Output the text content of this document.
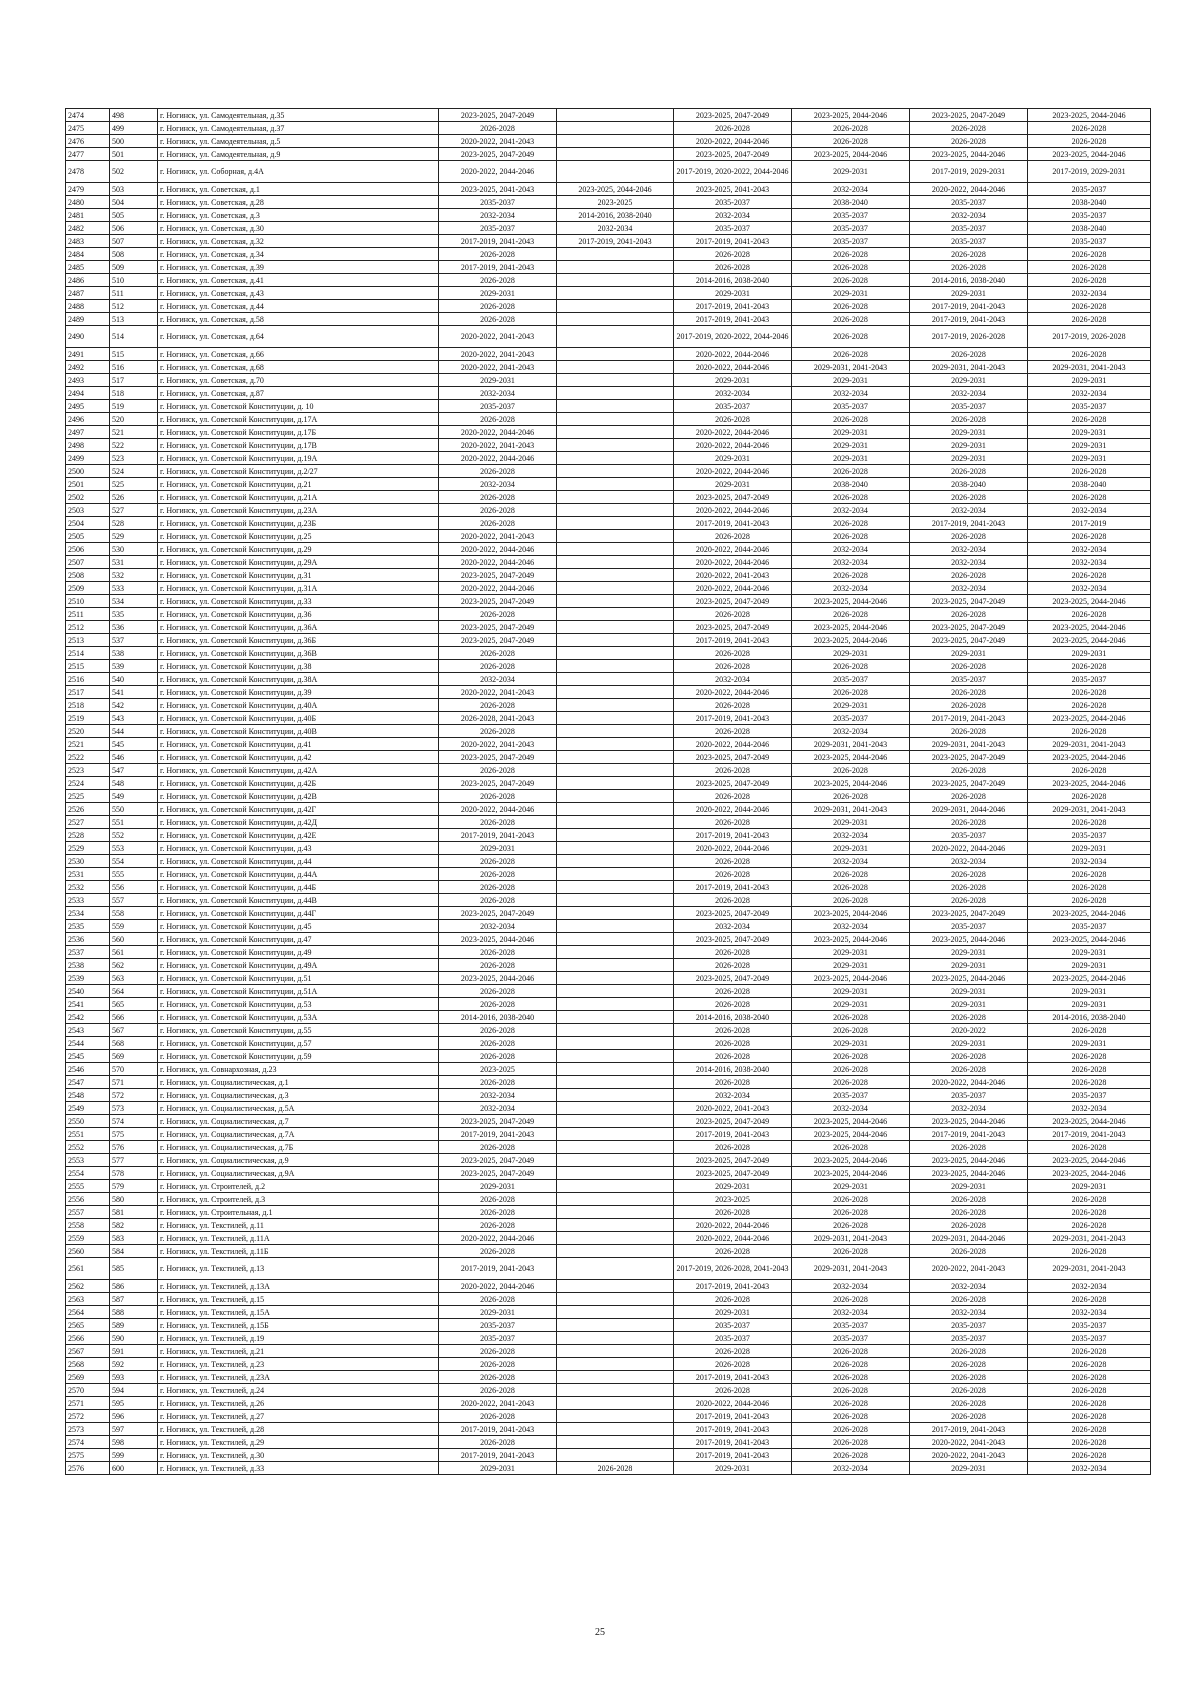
2474	498	г. Ногинск, ул. Самодеятельная, д.35	2023-2025, 2047-2049		2023-2025, 2047-2049	2023-2025, 2044-2046	2023-2025, 2047-2049	2023-2025, 2044-2046
2475	499	г. Ногинск, ул. Самодеятельная, д.37	2026-2028		2026-2028	2026-2028	2026-2028	2026-2028
2476	500	г. Ногинск, ул. Самодеятельная, д.5	2020-2022, 2041-2043		2020-2022, 2044-2046	2026-2028	2026-2028	2026-2028
2477	501	г. Ногинск, ул. Самодеятельная, д.9	2023-2025, 2047-2049		2023-2025, 2047-2049	2023-2025, 2044-2046	2023-2025, 2044-2046	2023-2025, 2044-2046
2478	502	г. Ногинск, ул. Соборная, д.4А	2020-2022, 2044-2046		2017-2019, 2020-2022, 2044-2046	2029-2031	2017-2019, 2029-2031	2017-2019, 2029-2031
2479	503	г. Ногинск, ул. Советская, д.1	2023-2025, 2041-2043	2023-2025, 2044-2046	2023-2025, 2041-2043	2032-2034	2020-2022, 2044-2046	2035-2037
2480	504	г. Ногинск, ул. Советская, д.28	2035-2037	2023-2025	2035-2037	2038-2040	2035-2037	2038-2040
2481	505	г. Ногинск, ул. Советская, д.3	2032-2034	2014-2016, 2038-2040	2032-2034	2035-2037	2032-2034	2035-2037
2482	506	г. Ногинск, ул. Советская, д.30	2035-2037	2032-2034	2035-2037	2035-2037	2035-2037	2038-2040
2483	507	г. Ногинск, ул. Советская, д.32	2017-2019, 2041-2043	2017-2019, 2041-2043	2017-2019, 2041-2043	2035-2037	2035-2037	2035-2037
2484	508	г. Ногинск, ул. Советская, д.34	2026-2028		2026-2028	2026-2028	2026-2028	2026-2028
2485	509	г. Ногинск, ул. Советская, д.39	2017-2019, 2041-2043		2026-2028	2026-2028	2026-2028	2026-2028
2486	510	г. Ногинск, ул. Советская, д.41	2026-2028		2014-2016, 2038-2040	2026-2028	2014-2016, 2038-2040	2026-2028
2487	511	г. Ногинск, ул. Советская, д.43	2029-2031		2029-2031	2029-2031	2029-2031	2032-2034
2488	512	г. Ногинск, ул. Советская, д.44	2026-2028		2017-2019, 2041-2043	2026-2028	2017-2019, 2041-2043	2026-2028
2489	513	г. Ногинск, ул. Советская, д.58	2026-2028		2017-2019, 2041-2043	2026-2028	2017-2019, 2041-2043	2026-2028
2490	514	г. Ногинск, ул. Советская, д.64	2020-2022, 2041-2043		2017-2019, 2020-2022, 2044-2046	2026-2028	2017-2019, 2026-2028	2017-2019, 2026-2028
2491	515	г. Ногинск, ул. Советская, д.66	2020-2022, 2041-2043		2020-2022, 2044-2046	2026-2028	2026-2028	2026-2028
2492	516	г. Ногинск, ул. Советская, д.68	2020-2022, 2041-2043		2020-2022, 2044-2046	2029-2031, 2041-2043	2029-2031, 2041-2043	2029-2031, 2041-2043
2493	517	г. Ногинск, ул. Советская, д.70	2029-2031		2029-2031	2029-2031	2029-2031	2029-2031
2494	518	г. Ногинск, ул. Советская, д.87	2032-2034		2032-2034	2032-2034	2032-2034	2032-2034
2495	519	г. Ногинск, ул. Советской Конституции, д. 10	2035-2037		2035-2037	2035-2037	2035-2037	2035-2037
2496	520	г. Ногинск, ул. Советской Конституции, д.17А	2026-2028		2026-2028	2026-2028	2026-2028	2026-2028
2497	521	г. Ногинск, ул. Советской Конституции, д.17Б	2020-2022, 2044-2046		2020-2022, 2044-2046	2029-2031	2029-2031	2029-2031
2498	522	г. Ногинск, ул. Советской Конституции, д.17В	2020-2022, 2041-2043		2020-2022, 2044-2046	2029-2031	2029-2031	2029-2031
2499	523	г. Ногинск, ул. Советской Конституции, д.19А	2020-2022, 2044-2046		2029-2031	2029-2031	2029-2031	2029-2031
2500	524	г. Ногинск, ул. Советской Конституции, д.2/27	2026-2028		2020-2022, 2044-2046	2026-2028	2026-2028	2026-2028
2501	525	г. Ногинск, ул. Советской Конституции, д.21	2032-2034		2029-2031	2038-2040	2038-2040	2038-2040
2502	526	г. Ногинск, ул. Советской Конституции, д.21А	2026-2028		2023-2025, 2047-2049	2026-2028	2026-2028	2026-2028
2503	527	г. Ногинск, ул. Советской Конституции, д.23А	2026-2028		2020-2022, 2044-2046	2032-2034	2032-2034	2032-2034
2504	528	г. Ногинск, ул. Советской Конституции, д.23Б	2026-2028		2017-2019, 2041-2043	2026-2028	2017-2019, 2041-2043	2017-2019
2505	529	г. Ногинск, ул. Советской Конституции, д.25	2020-2022, 2041-2043		2026-2028	2026-2028	2026-2028	2026-2028
2506	530	г. Ногинск, ул. Советской Конституции, д.29	2020-2022, 2044-2046		2020-2022, 2044-2046	2032-2034	2032-2034	2032-2034
2507	531	г. Ногинск, ул. Советской Конституции, д.29А	2020-2022, 2044-2046		2020-2022, 2044-2046	2032-2034	2032-2034	2032-2034
2508	532	г. Ногинск, ул. Советской Конституции, д.31	2023-2025, 2047-2049		2020-2022, 2041-2043	2026-2028	2026-2028	2026-2028
2509	533	г. Ногинск, ул. Советской Конституции, д.31А	2020-2022, 2044-2046		2020-2022, 2044-2046	2032-2034	2032-2034	2032-2034
2510	534	г. Ногинск, ул. Советской Конституции, д.33	2023-2025, 2047-2049		2023-2025, 2047-2049	2023-2025, 2044-2046	2023-2025, 2047-2049	2023-2025, 2044-2046
2511	535	г. Ногинск, ул. Советской Конституции, д.36	2026-2028		2026-2028	2026-2028	2026-2028	2026-2028
2512	536	г. Ногинск, ул. Советской Конституции, д.36А	2023-2025, 2047-2049		2023-2025, 2047-2049	2023-2025, 2044-2046	2023-2025, 2047-2049	2023-2025, 2044-2046
2513	537	г. Ногинск, ул. Советской Конституции, д.36Б	2023-2025, 2047-2049		2017-2019, 2041-2043	2023-2025, 2044-2046	2023-2025, 2047-2049	2023-2025, 2044-2046
2514	538	г. Ногинск, ул. Советской Конституции, д.36В	2026-2028		2026-2028	2029-2031	2029-2031	2029-2031
2515	539	г. Ногинск, ул. Советской Конституции, д.38	2026-2028		2026-2028	2026-2028	2026-2028	2026-2028
2516	540	г. Ногинск, ул. Советской Конституции, д.38А	2032-2034		2032-2034	2035-2037	2035-2037	2035-2037
2517	541	г. Ногинск, ул. Советской Конституции, д.39	2020-2022, 2041-2043		2020-2022, 2044-2046	2026-2028	2026-2028	2026-2028
2518	542	г. Ногинск, ул. Советской Конституции, д.40А	2026-2028		2026-2028	2029-2031	2026-2028	2026-2028
2519	543	г. Ногинск, ул. Советской Конституции, д.40Б	2026-2028, 2041-2043		2017-2019, 2041-2043	2035-2037	2017-2019, 2041-2043	2023-2025, 2044-2046
2520	544	г. Ногинск, ул. Советской Конституции, д.40В	2026-2028		2026-2028	2032-2034	2026-2028	2026-2028
2521	545	г. Ногинск, ул. Советской Конституции, д.41	2020-2022, 2041-2043		2020-2022, 2044-2046	2029-2031, 2041-2043	2029-2031, 2041-2043	2029-2031, 2041-2043
2522	546	г. Ногинск, ул. Советской Конституции, д.42	2023-2025, 2047-2049		2023-2025, 2047-2049	2023-2025, 2044-2046	2023-2025, 2047-2049	2023-2025, 2044-2046
2523	547	г. Ногинск, ул. Советской Конституции, д.42А	2026-2028		2026-2028	2026-2028	2026-2028	2026-2028
2524	548	г. Ногинск, ул. Советской Конституции, д.42Б	2023-2025, 2047-2049		2023-2025, 2047-2049	2023-2025, 2044-2046	2023-2025, 2047-2049	2023-2025, 2044-2046
2525	549	г. Ногинск, ул. Советской Конституции, д.42В	2026-2028		2026-2028	2026-2028	2026-2028	2026-2028
2526	550	г. Ногинск, ул. Советской Конституции, д.42Г	2020-2022, 2044-2046		2020-2022, 2044-2046	2029-2031, 2041-2043	2029-2031, 2044-2046	2029-2031, 2041-2043
2527	551	г. Ногинск, ул. Советской Конституции, д.42Д	2026-2028		2026-2028	2029-2031	2026-2028	2026-2028
2528	552	г. Ногинск, ул. Советской Конституции, д.42Е	2017-2019, 2041-2043		2017-2019, 2041-2043	2032-2034	2035-2037	2035-2037
2529	553	г. Ногинск, ул. Советской Конституции, д.43	2029-2031		2020-2022, 2044-2046	2029-2031	2020-2022, 2044-2046	2029-2031
2530	554	г. Ногинск, ул. Советской Конституции, д.44	2026-2028		2026-2028	2032-2034	2032-2034	2032-2034
2531	555	г. Ногинск, ул. Советской Конституции, д.44А	2026-2028		2026-2028	2026-2028	2026-2028	2026-2028
2532	556	г. Ногинск, ул. Советской Конституции, д.44Б	2026-2028		2017-2019, 2041-2043	2026-2028	2026-2028	2026-2028
2533	557	г. Ногинск, ул. Советской Конституции, д.44В	2026-2028		2026-2028	2026-2028	2026-2028	2026-2028
2534	558	г. Ногинск, ул. Советской Конституции, д.44Г	2023-2025, 2047-2049		2023-2025, 2047-2049	2023-2025, 2044-2046	2023-2025, 2047-2049	2023-2025, 2044-2046
2535	559	г. Ногинск, ул. Советской Конституции, д.45	2032-2034		2032-2034	2032-2034	2035-2037	2035-2037
2536	560	г. Ногинск, ул. Советской Конституции, д.47	2023-2025, 2044-2046		2023-2025, 2047-2049	2023-2025, 2044-2046	2023-2025, 2044-2046	2023-2025, 2044-2046
2537	561	г. Ногинск, ул. Советской Конституции, д.49	2026-2028		2026-2028	2029-2031	2029-2031	2029-2031
2538	562	г. Ногинск, ул. Советской Конституции, д.49А	2026-2028		2026-2028	2029-2031	2029-2031	2029-2031
2539	563	г. Ногинск, ул. Советской Конституции, д.51	2023-2025, 2044-2046		2023-2025, 2047-2049	2023-2025, 2044-2046	2023-2025, 2044-2046	2023-2025, 2044-2046
2540	564	г. Ногинск, ул. Советской Конституции, д.51А	2026-2028		2026-2028	2029-2031	2029-2031	2029-2031
2541	565	г. Ногинск, ул. Советской Конституции, д.53	2026-2028		2026-2028	2029-2031	2029-2031	2029-2031
2542	566	г. Ногинск, ул. Советской Конституции, д.53А	2014-2016, 2038-2040		2014-2016, 2038-2040	2026-2028	2026-2028	2014-2016, 2038-2040
2543	567	г. Ногинск, ул. Советской Конституции, д.55	2026-2028		2026-2028	2026-2028	2020-2022	2026-2028
2544	568	г. Ногинск, ул. Советской Конституции, д.57	2026-2028		2026-2028	2029-2031	2029-2031	2029-2031
2545	569	г. Ногинск, ул. Советской Конституции, д.59	2026-2028		2026-2028	2026-2028	2026-2028	2026-2028
2546	570	г. Ногинск, ул. Совнархозная, д.23	2023-2025		2014-2016, 2038-2040	2026-2028	2026-2028	2026-2028
2547	571	г. Ногинск, ул. Социалистическая, д.1	2026-2028		2026-2028	2026-2028	2020-2022, 2044-2046	2026-2028
2548	572	г. Ногинск, ул. Социалистическая, д.3	2032-2034		2032-2034	2035-2037	2035-2037	2035-2037
2549	573	г. Ногинск, ул. Социалистическая, д.5А	2032-2034		2020-2022, 2041-2043	2032-2034	2032-2034	2032-2034
2550	574	г. Ногинск, ул. Социалистическая, д.7	2023-2025, 2047-2049		2023-2025, 2047-2049	2023-2025, 2044-2046	2023-2025, 2044-2046	2023-2025, 2044-2046
2551	575	г. Ногинск, ул. Социалистическая, д.7А	2017-2019, 2041-2043		2017-2019, 2041-2043	2023-2025, 2044-2046	2017-2019, 2041-2043	2017-2019, 2041-2043
2552	576	г. Ногинск, ул. Социалистическая, д.7Б	2026-2028		2026-2028	2026-2028	2026-2028	2026-2028
2553	577	г. Ногинск, ул. Социалистическая, д.9	2023-2025, 2047-2049		2023-2025, 2047-2049	2023-2025, 2044-2046	2023-2025, 2044-2046	2023-2025, 2044-2046
2554	578	г. Ногинск, ул. Социалистическая, д.9А	2023-2025, 2047-2049		2023-2025, 2047-2049	2023-2025, 2044-2046	2023-2025, 2044-2046	2023-2025, 2044-2046
2555	579	г. Ногинск, ул. Строителей, д.2	2029-2031		2029-2031	2029-2031	2029-2031	2029-2031
2556	580	г. Ногинск, ул. Строителей, д.3	2026-2028		2023-2025	2026-2028	2026-2028	2026-2028
2557	581	г. Ногинск, ул. Строительная, д.1	2026-2028		2026-2028	2026-2028	2026-2028	2026-2028
2558	582	г. Ногинск, ул. Текстилей, д.11	2026-2028		2020-2022, 2044-2046	2026-2028	2026-2028	2026-2028
2559	583	г. Ногинск, ул. Текстилей, д.11А	2020-2022, 2044-2046		2020-2022, 2044-2046	2029-2031, 2041-2043	2029-2031, 2044-2046	2029-2031, 2041-2043
2560	584	г. Ногинск, ул. Текстилей, д.11Б	2026-2028		2026-2028	2026-2028	2026-2028	2026-2028
2561	585	г. Ногинск, ул. Текстилей, д.13	2017-2019, 2041-2043		2017-2019, 2026-2028, 2041-2043	2029-2031, 2041-2043	2020-2022, 2041-2043	2029-2031, 2041-2043
2562	586	г. Ногинск, ул. Текстилей, д.13А	2020-2022, 2044-2046		2017-2019, 2041-2043	2032-2034	2032-2034	2032-2034
2563	587	г. Ногинск, ул. Текстилей, д.15	2026-2028		2026-2028	2026-2028	2026-2028	2026-2028
2564	588	г. Ногинск, ул. Текстилей, д.15А	2029-2031		2029-2031	2032-2034	2032-2034	2032-2034
2565	589	г. Ногинск, ул. Текстилей, д.15Б	2035-2037		2035-2037	2035-2037	2035-2037	2035-2037
2566	590	г. Ногинск, ул. Текстилей, д.19	2035-2037		2035-2037	2035-2037	2035-2037	2035-2037
2567	591	г. Ногинск, ул. Текстилей, д.21	2026-2028		2026-2028	2026-2028	2026-2028	2026-2028
2568	592	г. Ногинск, ул. Текстилей, д.23	2026-2028		2026-2028	2026-2028	2026-2028	2026-2028
2569	593	г. Ногинск, ул. Текстилей, д.23А	2026-2028		2017-2019, 2041-2043	2026-2028	2026-2028	2026-2028
2570	594	г. Ногинск, ул. Текстилей, д.24	2026-2028		2026-2028	2026-2028	2026-2028	2026-2028
2571	595	г. Ногинск, ул. Текстилей, д.26	2020-2022, 2041-2043		2020-2022, 2044-2046	2026-2028	2026-2028	2026-2028
2572	596	г. Ногинск, ул. Текстилей, д.27	2026-2028		2017-2019, 2041-2043	2026-2028	2026-2028	2026-2028
2573	597	г. Ногинск, ул. Текстилей, д.28	2017-2019, 2041-2043		2017-2019, 2041-2043	2026-2028	2017-2019, 2041-2043	2026-2028
2574	598	г. Ногинск, ул. Текстилей, д.29	2026-2028		2017-2019, 2041-2043	2026-2028	2020-2022, 2041-2043	2026-2028
2575	599	г. Ногинск, ул. Текстилей, д.30	2017-2019, 2041-2043		2017-2019, 2041-2043	2026-2028	2020-2022, 2041-2043	2026-2028
2576	600	г. Ногинск, ул. Текстилей, д.33	2029-2031	2026-2028	2029-2031	2032-2034	2029-2031	2032-2034
25
